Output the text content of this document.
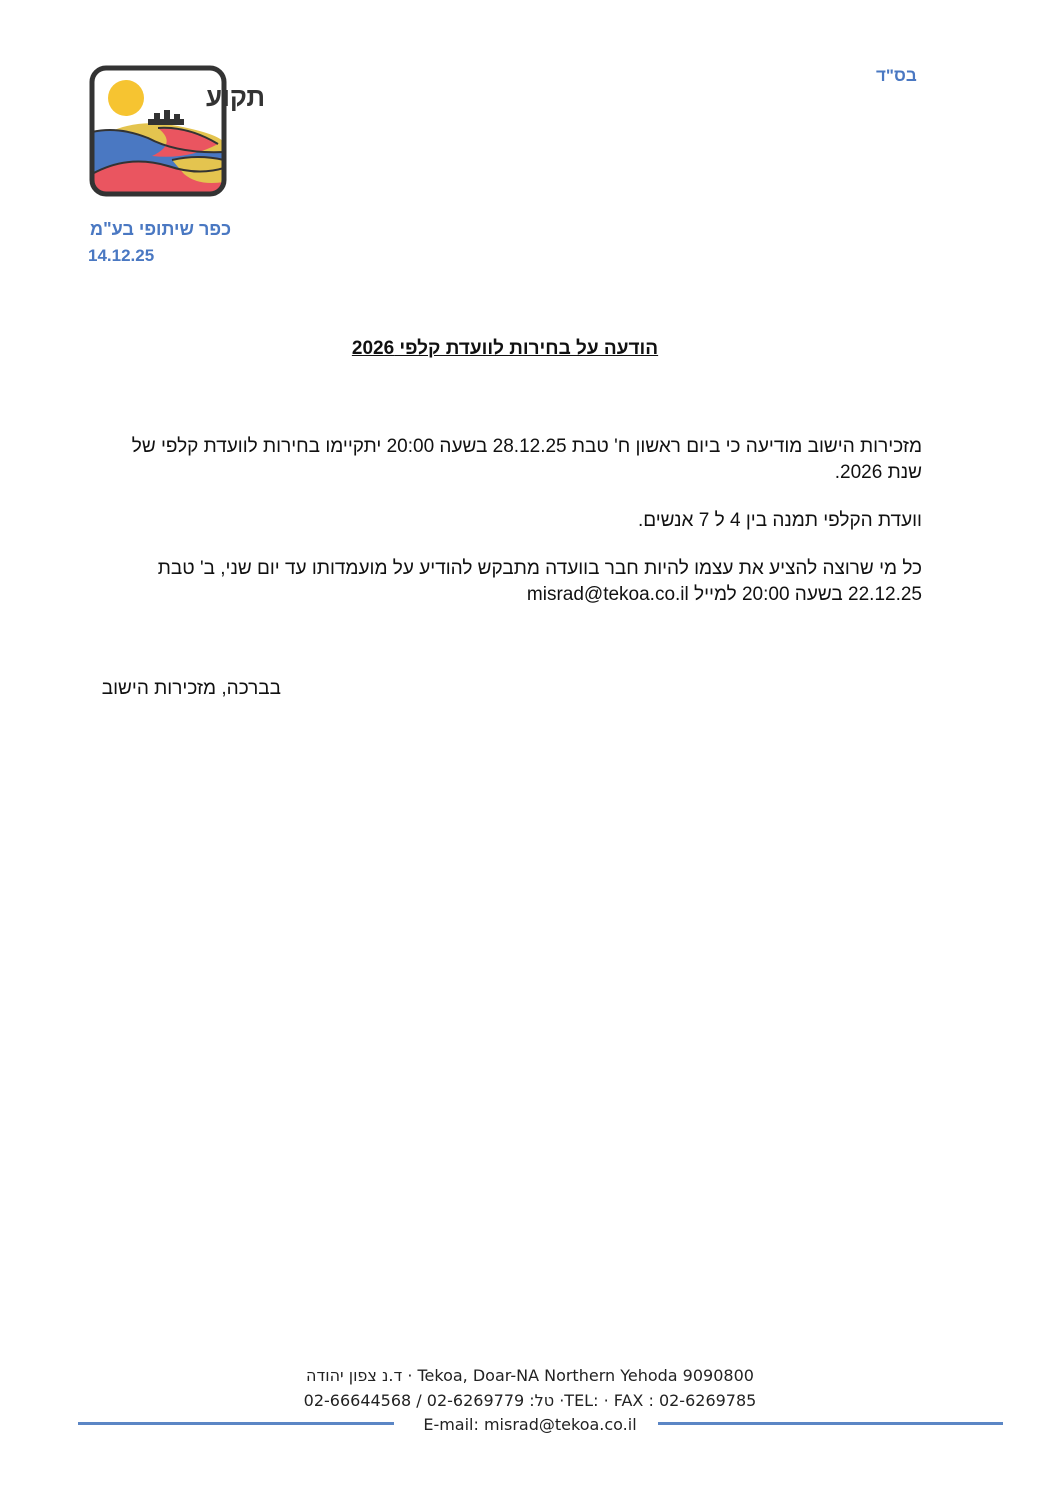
בס"ד
תקוע
כפר שיתופי בע"מ
14.12.25
הודעה על בחירות לוועדת קלפי 2026
מזכירות הישוב מודיעה כי ביום ראשון ח' טבת 28.12.25 בשעה 20:00 יתקיימו בחירות לוועדת קלפי של שנת 2026.
וועדת הקלפי תמנה בין 4 ל 7 אנשים.
כל מי שרוצה להציע את עצמו להיות חבר בוועדה מתבקש להודיע על מועמדותו עד יום שני, ב' טבת 22.12.25 בשעה 20:00 למייל misrad@tekoa.co.il
בברכה, מזכירות הישוב
ד.נ צפון יהודה · Tekoa, Doar-NA Northern Yehoda 9090800
טל: 02-6269779 / 02-66644568 ·TEL: · FAX : 02-6269785
E-mail: misrad@tekoa.co.il
